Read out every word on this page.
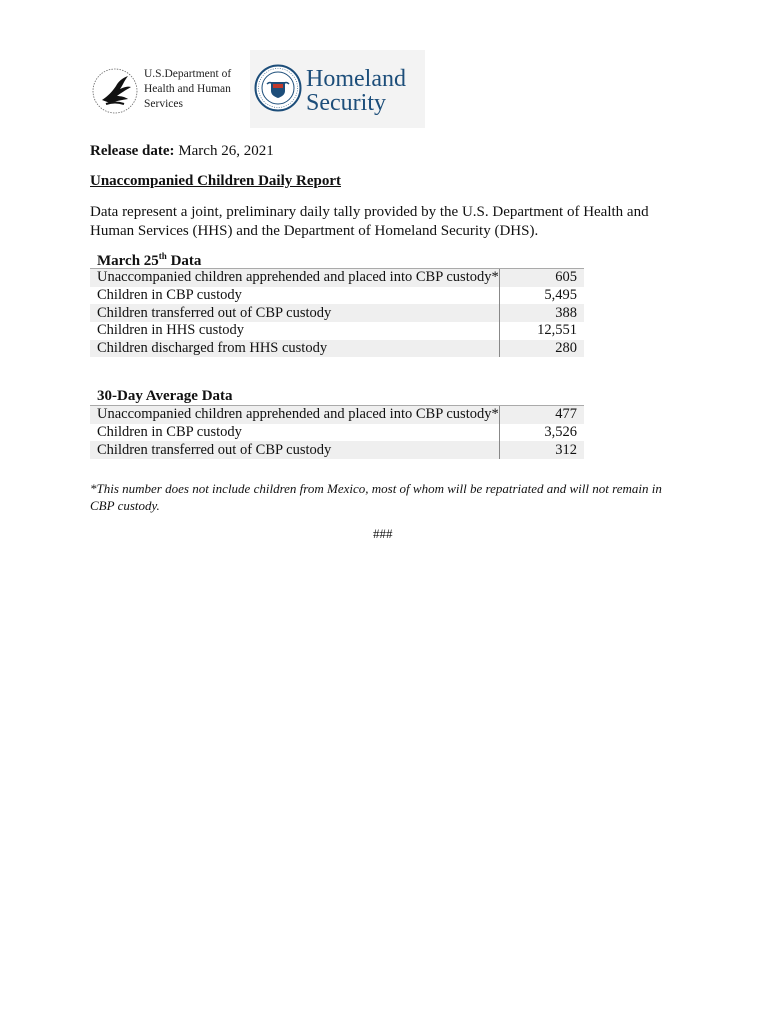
U.S.Department of
Health and Human
Services
Homeland
Security
Release date: March 26, 2021
Unaccompanied Children Daily Report
Data represent a joint, preliminary daily tally provided by the U.S. Department of Health and Human Services (HHS) and the Department of Homeland Security (DHS).
March 25th Data
Unaccompanied children apprehended and placed into CBP custody*	605
Children in CBP custody	5,495
Children transferred out of CBP custody	388
Children in HHS custody	12,551
Children discharged from HHS custody	280
30-Day Average Data
Unaccompanied children apprehended and placed into CBP custody*	477
Children in CBP custody	3,526
Children transferred out of CBP custody	312
*This number does not include children from Mexico, most of whom will be repatriated and will not remain in CBP custody.
###
